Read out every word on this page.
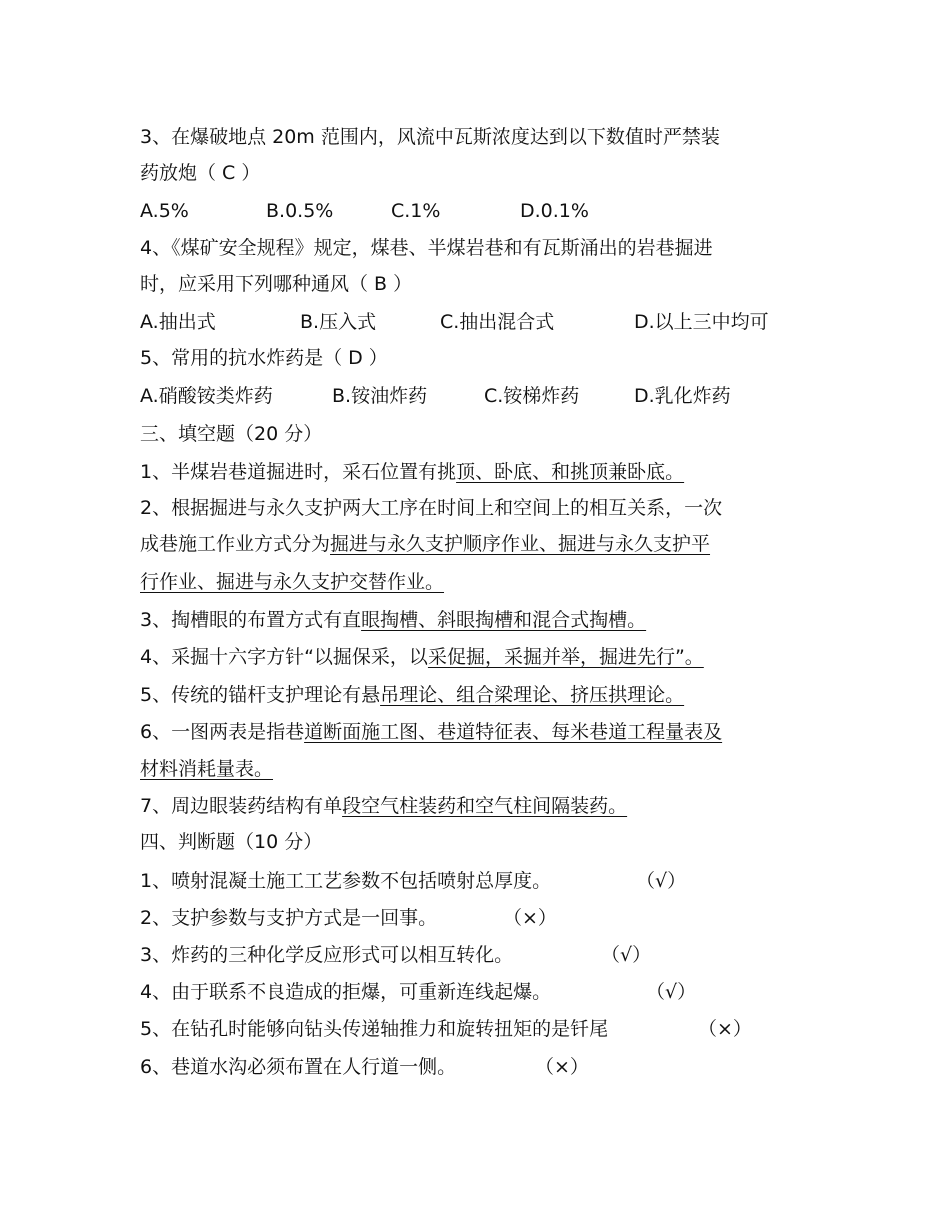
3、在爆破地点 20m 范围内，风流中瓦斯浓度达到以下数值时严禁装
药放炮（ C ）
A.5%	B.0.5%	C.1%	D.0.1%
4、《煤矿安全规程》规定，煤巷、半煤岩巷和有瓦斯涌出的岩巷掘进
时，应采用下列哪种通风（ B ）
A.抽出式	B.压入式	C.抽出混合式	D.以上三中均可
5、常用的抗水炸药是（ D ）
A.硝酸铵类炸药	B.铵油炸药	C.铵梯炸药	D.乳化炸药
三、填空题（20 分）
1、半煤岩巷道掘进时，采石位置有挑顶、卧底、和挑顶兼卧底。
2、根据掘进与永久支护两大工序在时间上和空间上的相互关系，一次
成巷施工作业方式分为掘进与永久支护顺序作业、掘进与永久支护平
行作业、掘进与永久支护交替作业。
3、掏槽眼的布置方式有直眼掏槽、斜眼掏槽和混合式掏槽。
4、采掘十六字方针“以掘保采，以采促掘，采掘并举，掘进先行”。
5、传统的锚杆支护理论有悬吊理论、组合梁理论、挤压拱理论。
6、一图两表是指巷道断面施工图、巷道特征表、每米巷道工程量表及
材料消耗量表。
7、周边眼装药结构有单段空气柱装药和空气柱间隔装药。
四、判断题（10 分）
1、喷射混凝土施工工艺参数不包括喷射总厚度。	（√）
2、支护参数与支护方式是一回事。	（×）
3、炸药的三种化学反应形式可以相互转化。	（√）
4、由于联系不良造成的拒爆，可重新连线起爆。	（√）
5、在钻孔时能够向钻头传递轴推力和旋转扭矩的是钎尾	（×）
6、巷道水沟必须布置在人行道一侧。	（×）
